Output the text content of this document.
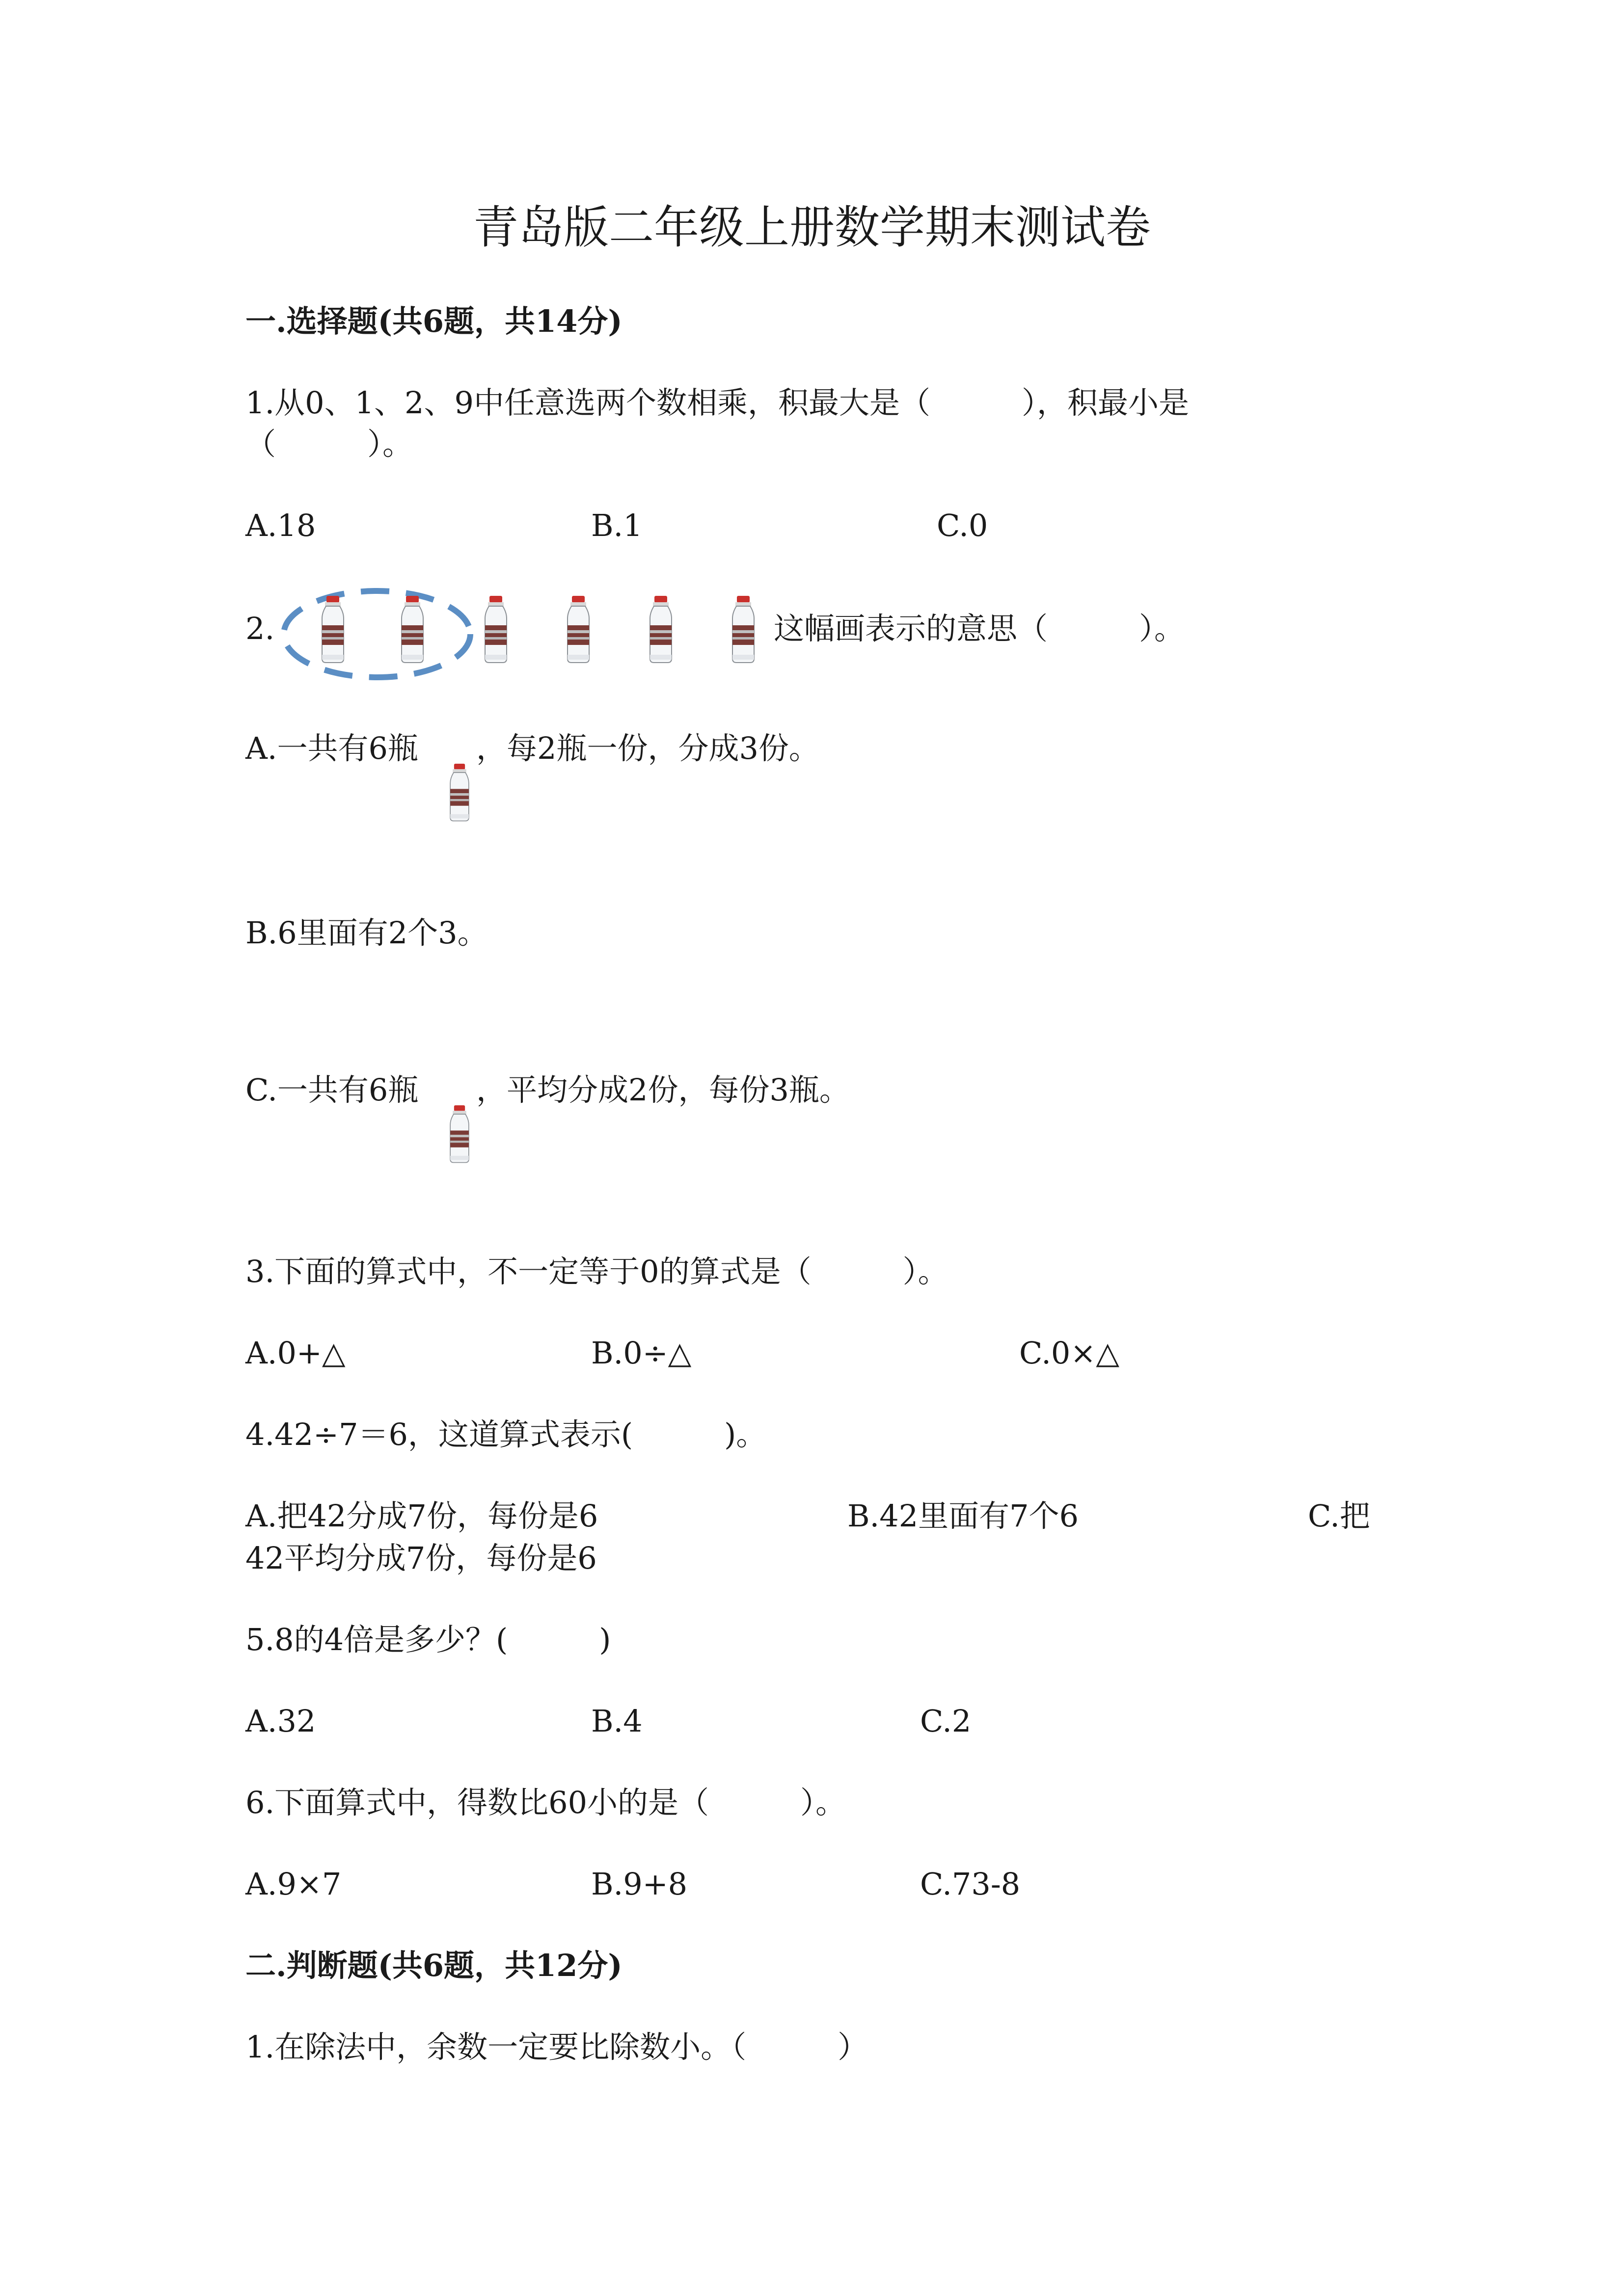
青岛版二年级上册数学期末测试卷
一.选择题(共6题，共14分)
1.从0、1、2、9中任意选两个数相乘，积最大是（　　　），积最小是
（　　　）。
A.18	B.1	C.0
2.	这幅画表示的意思（　　　）。
A.一共有6瓶 ，每2瓶一份，分成3份。
B.6里面有2个3。
C.一共有6瓶 ，平均分成2份，每份3瓶。
3.下面的算式中，不一定等于0的算式是（　　　）。
A.0+△	B.0÷△	C.0×△
4.42÷7＝6，这道算式表示(　　　)。
A.把42分成7份，每份是6	B.42里面有7个6	C.把
42平均分成7份，每份是6
5.8的4倍是多少？(　　　)
A.32	B.4	C.2
6.下面算式中，得数比60小的是（　　　）。
A.9×7	B.9+8	C.73-8
二.判断题(共6题，共12分)
1.在除法中，余数一定要比除数小。（　　　）
